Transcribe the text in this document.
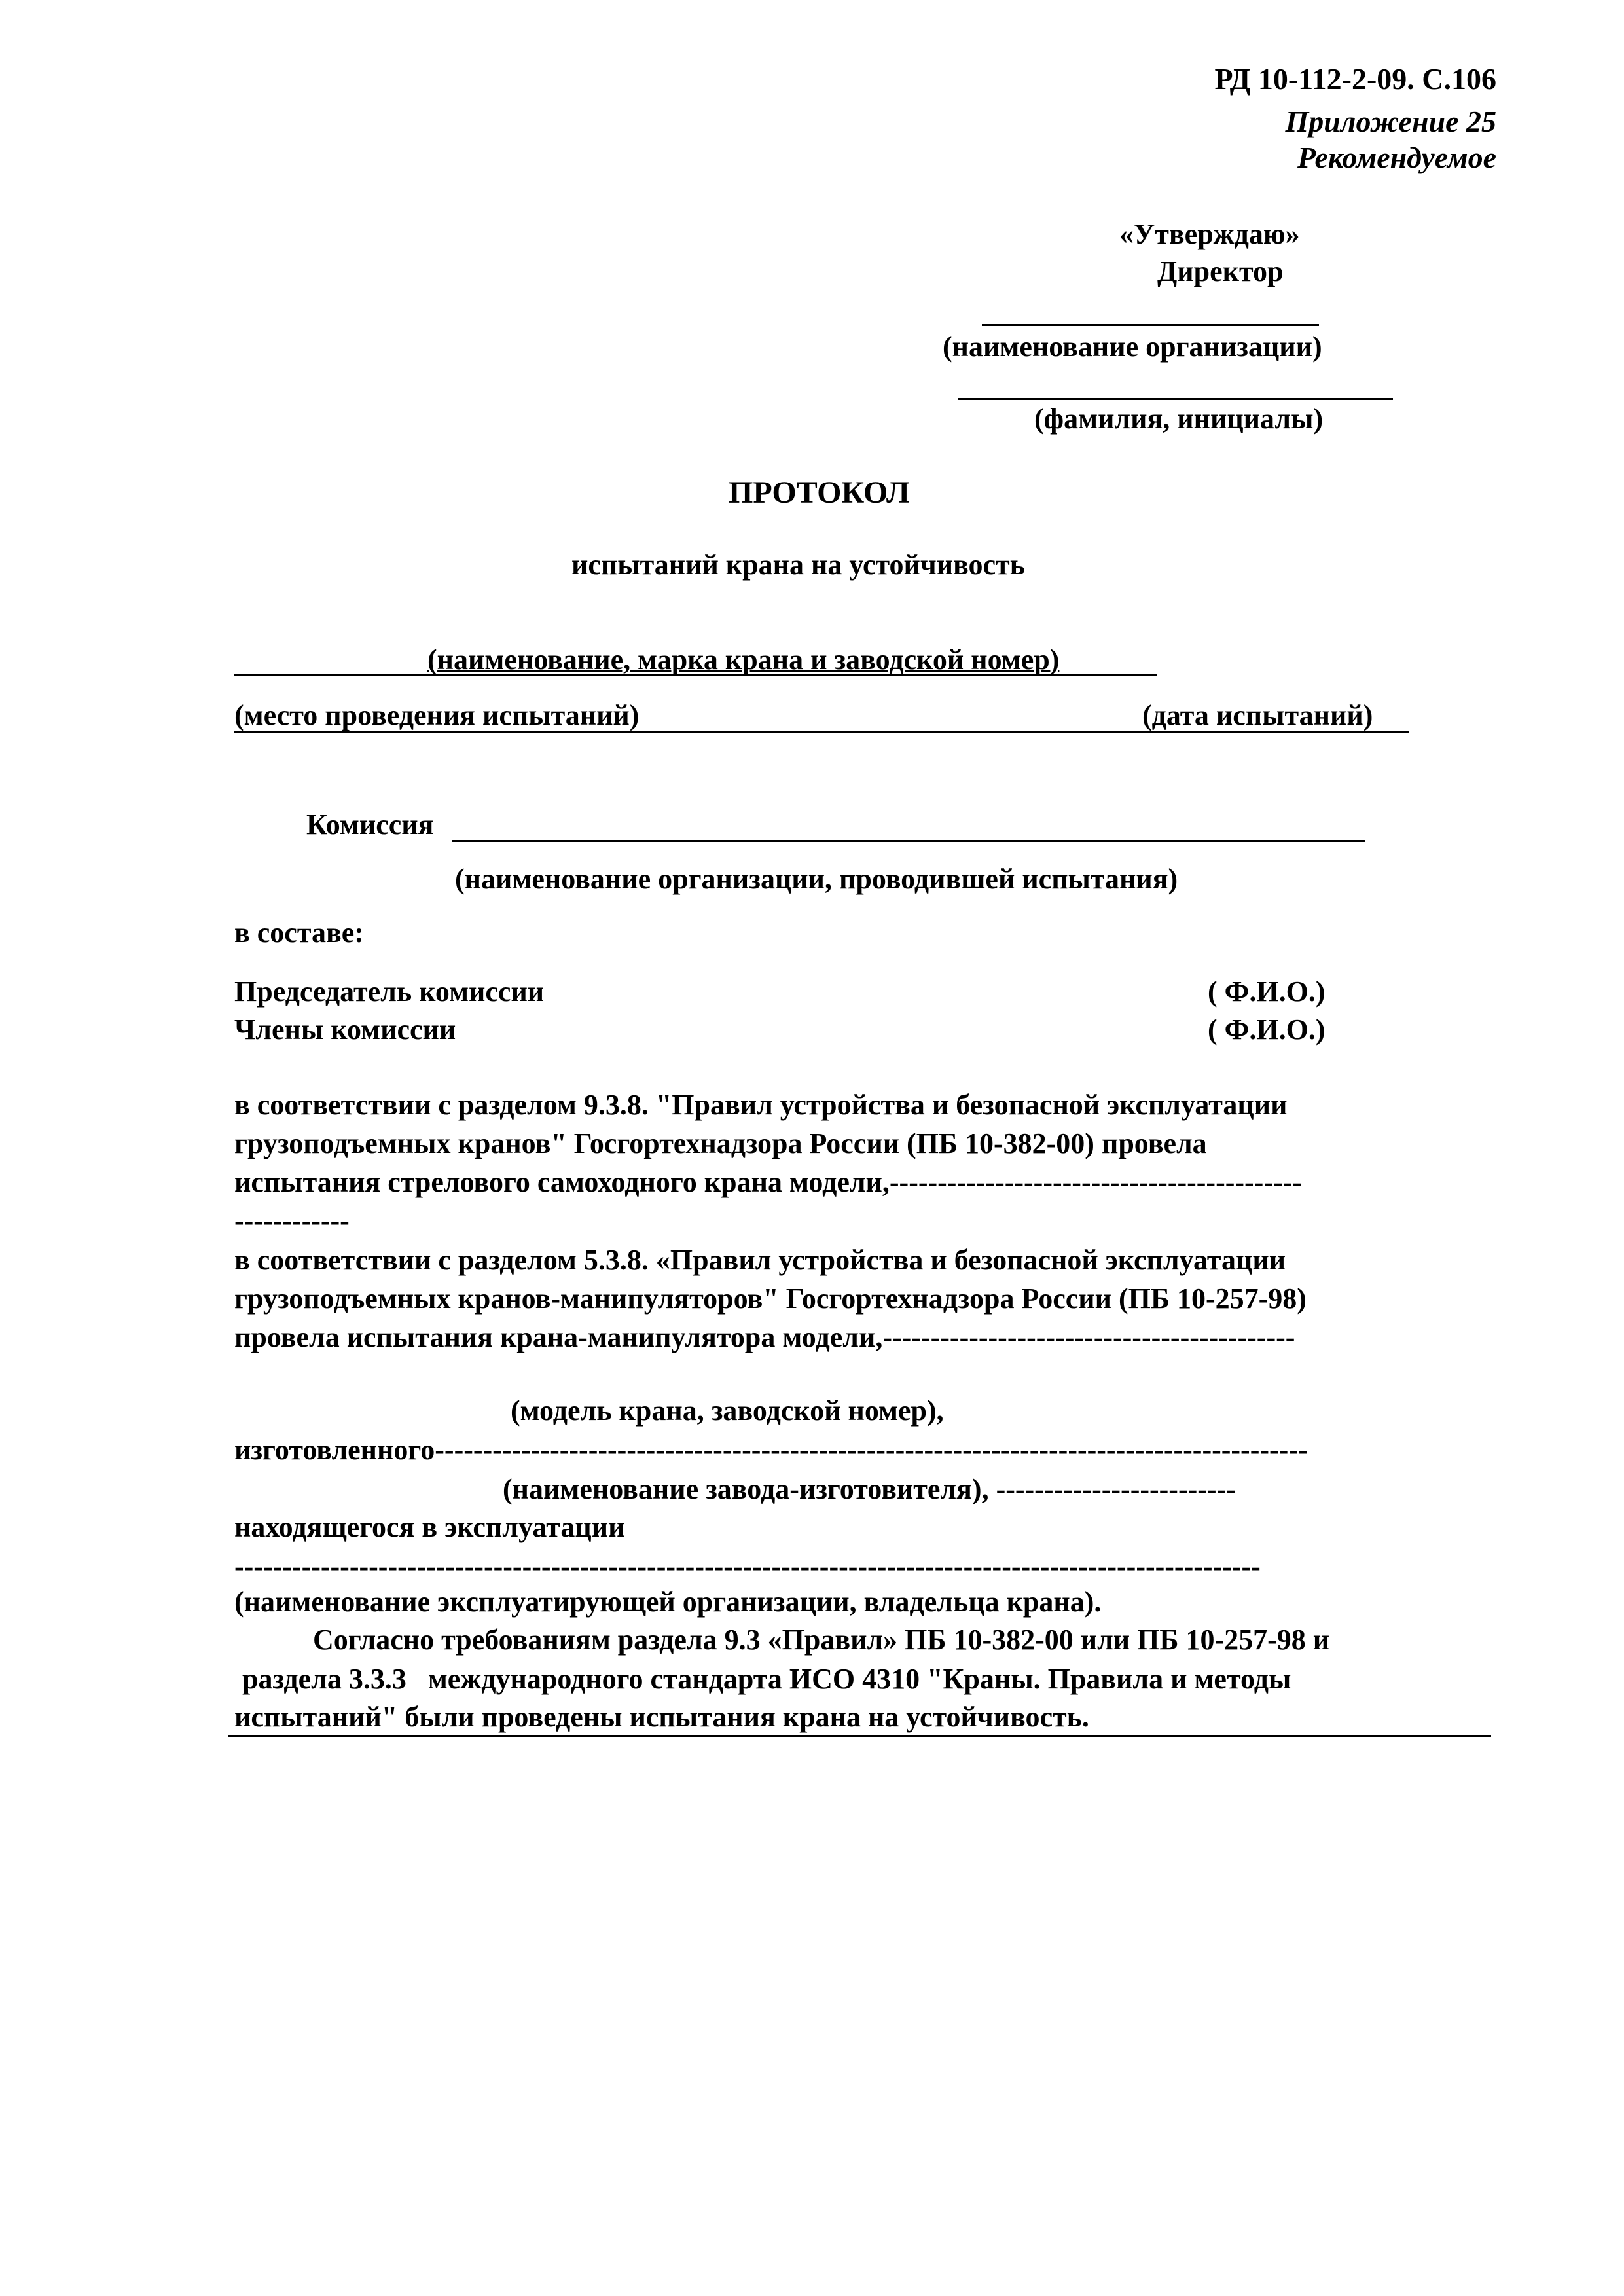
РД 10-112-2-09. С.106
Приложение 25
Рекомендуемое
«Утверждаю»
Директор
(наименование организации)
(фамилия, инициалы)
ПРОТОКОЛ
испытаний крана на устойчивость
(наименование, марка крана и заводской номер)
(место проведения испытаний)	(дата испытаний)
Комиссия
(наименование организации, проводившей испытания)
в составе:
Председатель комиссии	( Ф.И.О.)
Члены комиссии	( Ф.И.О.)
в соответствии с разделом 9.3.8. "Правил устройства и безопасной эксплуатации
грузоподъемных кранов" Госгортехнадзора России (ПБ 10-382-00) провела
испытания стрелового самоходного крана модели,-------------------------------------------
------------
в соответствии с разделом 5.3.8. «Правил устройства и безопасной эксплуатации
грузоподъемных кранов-манипуляторов" Госгортехнадзора России (ПБ 10-257-98)
провела испытания крана-манипулятора модели,-------------------------------------------
(модель крана, заводской номер),
изготовленного-------------------------------------------------------------------------------------------
(наименование завода-изготовителя), -------------------------
находящегося в эксплуатации
-----------------------------------------------------------------------------------------------------------
(наименование эксплуатирующей организации, владельца крана).
Согласно требованиям раздела 9.3 «Правил» ПБ 10-382-00 или ПБ 10-257-98 и
раздела 3.3.3   международного стандарта ИСО 4310 "Краны. Правила и методы
испытаний" были проведены испытания крана на устойчивость.
